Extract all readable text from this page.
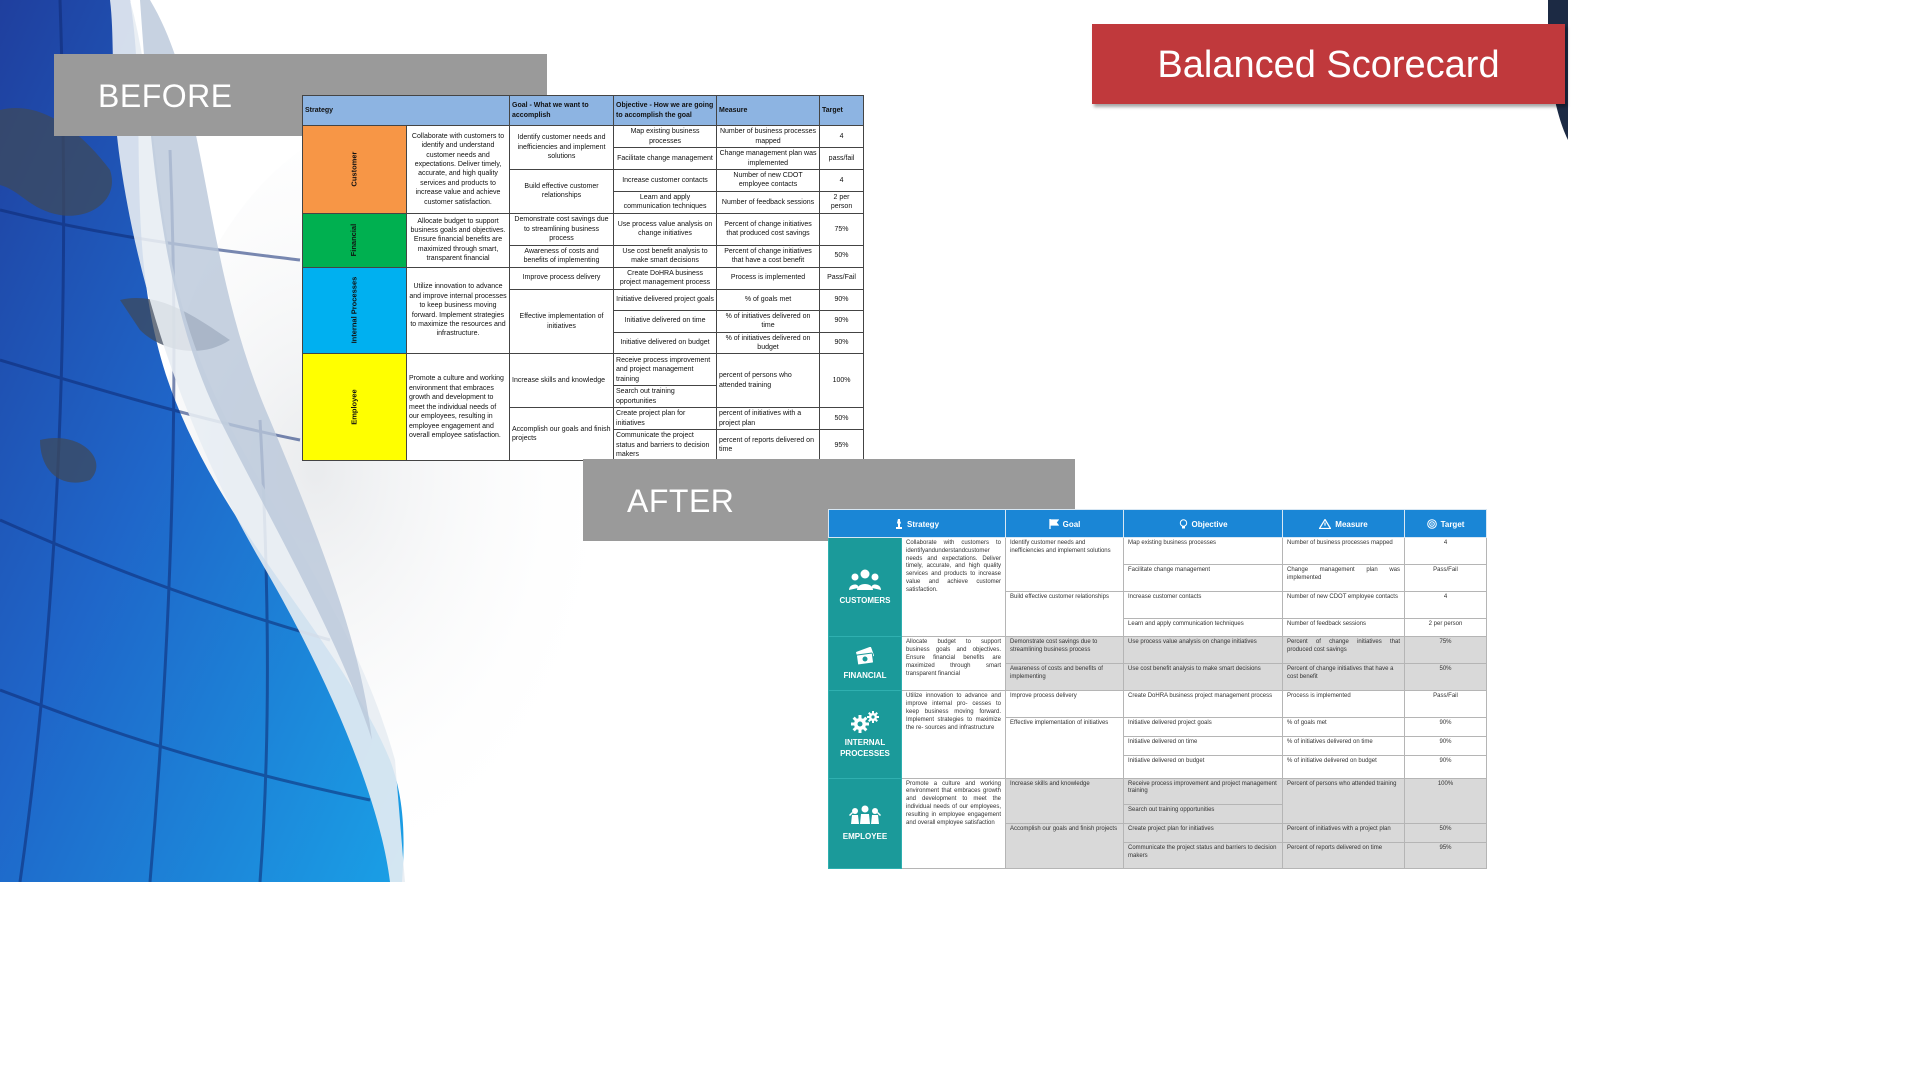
Balanced Scorecard
BEFORE	Strategy		Goal - What we want to accomplish	Objective - How we are going to accomplish the goal	Measure	Target
Customer	Collaborate with customers to identify and understand customer needs and expectations. Deliver timely, accurate, and high quality services and products to increase value and achieve customer satisfaction.	Identify customer needs and inefficiencies and implement solutions	Map existing business processes	Number of business processes mapped	4
			Facilitate change management	Change management plan was implemented	pass/fail
		Build effective customer relationships	Increase customer contacts	Number of new CDOT employee contacts	4
			Learn and apply communication techniques	Number of feedback sessions	2 per person
Financial	Allocate budget to support business goals and objectives. Ensure financial benefits are maximized through smart, transparent financial	Demonstrate cost savings due to streamlining business process	Use process value analysis on change initiatives	Percent of change initiatives that produced cost savings	75%
		Awareness of costs and benefits of implementing	Use cost benefit analysis to make smart decisions	Percent of change initiatives that have a cost benefit	50%
Internal Processes	Utilize innovation to advance and improve internal processes to keep business moving forward. Implement strategies to maximize the resources and infrastructure.	Improve process delivery	Create DoHRA business project management process	Process is implemented	Pass/Fail
		Effective implementation of initiatives	Initiative delivered project goals	% of goals met	90%
			Initiative delivered on time	% of initiatives delivered on time	90%
			Initiative delivered on budget	% of initiatives delivered on budget	90%
Employee	Promote a culture and working environment that embraces growth and development to meet the individual needs of our employees, resulting in employee engagement and overall employee satisfaction.	Increase skills and knowledge	Receive process improvement and project management training	percent of persons who attended training	100%
			Search out training opportunities		
		Accomplish our goals and finish projects	Create project plan for initiatives	percent of initiatives with a project plan	50%
			Communicate the project status and barriers to decision makers	percent of reports delivered on time	95%
AFTER
Strategy		Goal	Objective	Measure	Target

CUSTOMERS	Collaborate with customers to identifyandunderstandcustomer needs and expectations. Deliver timely, accurate, and high quality services and products to increase value and achieve customer satisfaction.	Identify customer needs and inefficiencies and implement solutions	Map existing business processes	Number of business processes mapped	4
			Facilitate change management	Change management plan was implemented	Pass/Fail
		Build effective customer relationships	Increase customer contacts	Number of new CDOT employee contacts	4
			Learn and apply communication techniques	Number of feedback sessions	2 per person

FINANCIAL	Allocate budget to support business goals and objectives. Ensure financial benefits are maximized through smart transparent financial	Demonstrate cost savings due to streamlining business process	Use process value analysis on change initiatives	Percent of change initiatives that produced cost savings	75%
		Awareness of costs and benefits of implementing	Use cost benefit analysis to make smart decisions	Percent of change initiatives that have a cost benefit	50%

INTERNAL PROCESSES	Utilize innovation to advance and improve internal pro- cesses to keep business moving forward. Implement strategies to maximize the re- sources and infrastructure	Improve process delivery	Create DoHRA business project management process	Process is implemented	Pass/Fail
		Effective implementation of initiatives	Initiative delivered project goals	% of goals met	90%
			Initiative delivered on time	% of initiatives delivered on time	90%
			Initiative delivered on budget	% of initiative delivered on budget	90%

EMPLOYEE	Promote a culture and working environment that embraces growth and development to meet the individual needs of our employees, resulting in employee engagement and overall employee satisfaction	Increase skills and knowledge	Receive process improvement and project management training	Percent of persons who attended training	100%
			Search out training opportunities		
		Accomplish our goals and finish projects	Create project plan for initiatives	Percent of initiatives with a project plan	50%
			Communicate the project status and barriers to decision makers	Percent of reports delivered on time	95%
